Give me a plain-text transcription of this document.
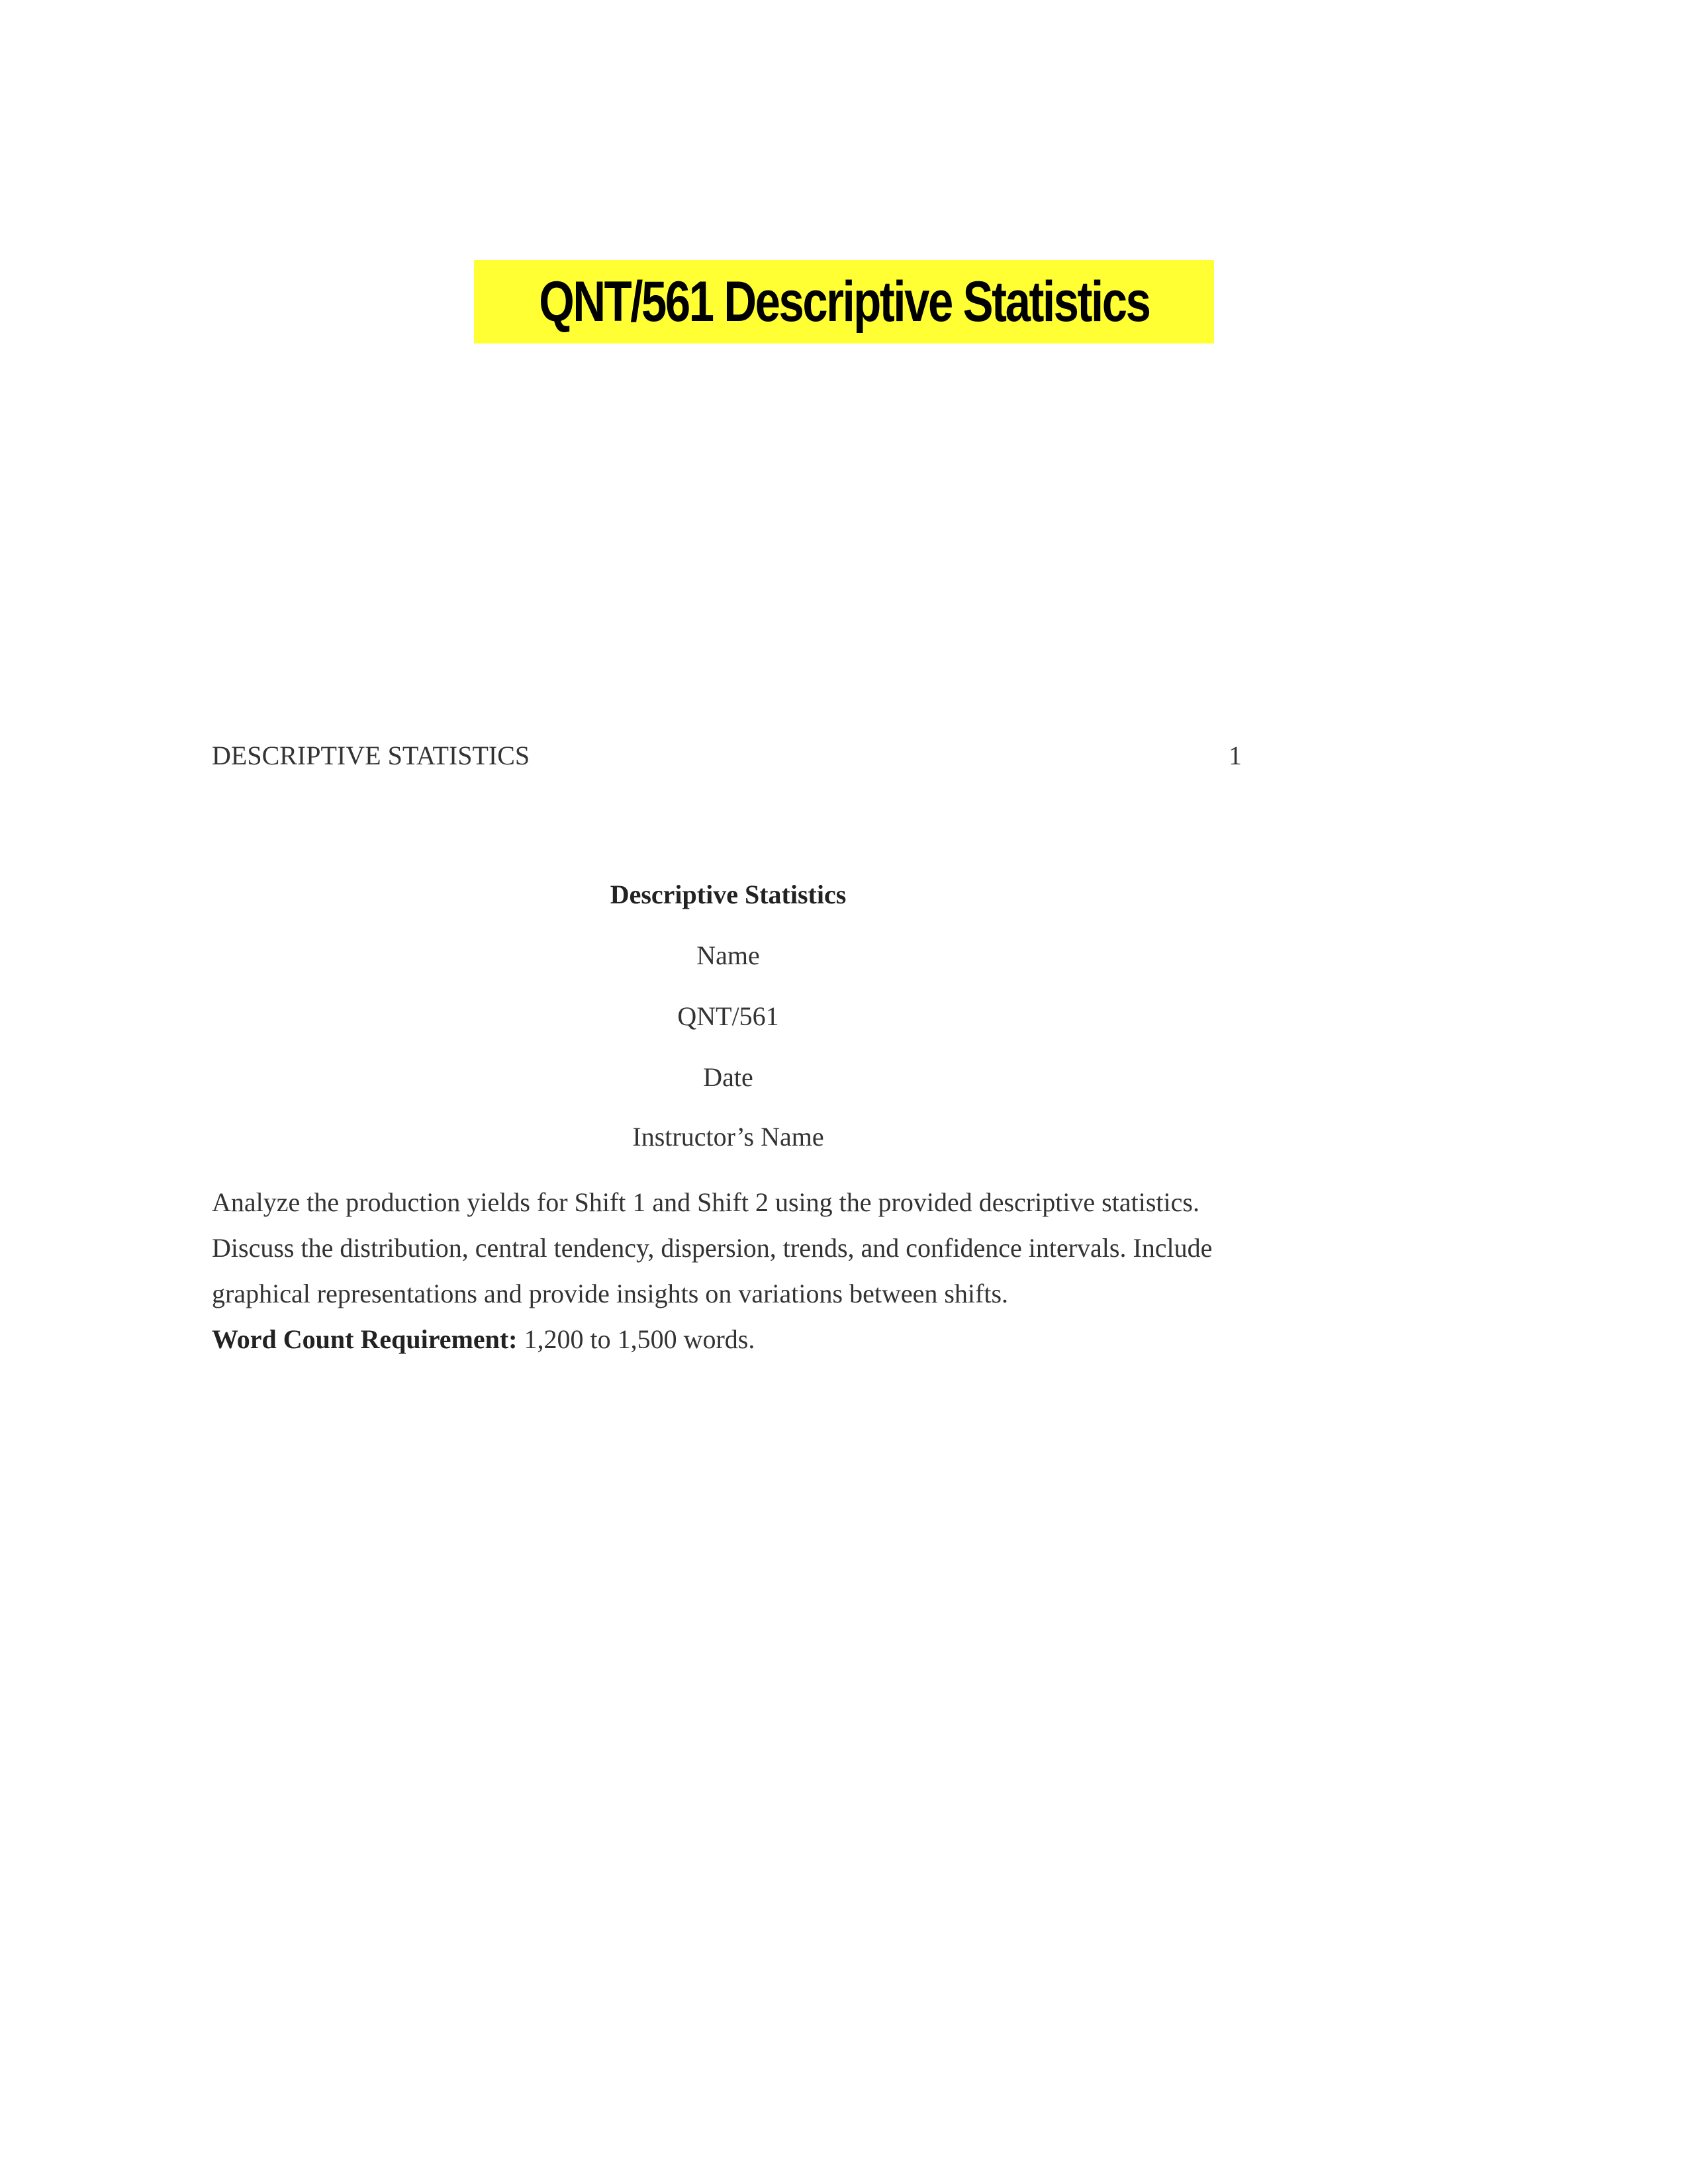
QNT/561 Descriptive Statistics
DESCRIPTIVE STATISTICS	1
Descriptive Statistics
Name
QNT/561
Date
Instructor’s Name

Analyze the production yields for Shift 1 and Shift 2 using the provided descriptive statistics.

Discuss the distribution, central tendency, dispersion, trends, and confidence intervals. Include

graphical representations and provide insights on variations between shifts.

Word Count Requirement: 1,200 to 1,500 words.
